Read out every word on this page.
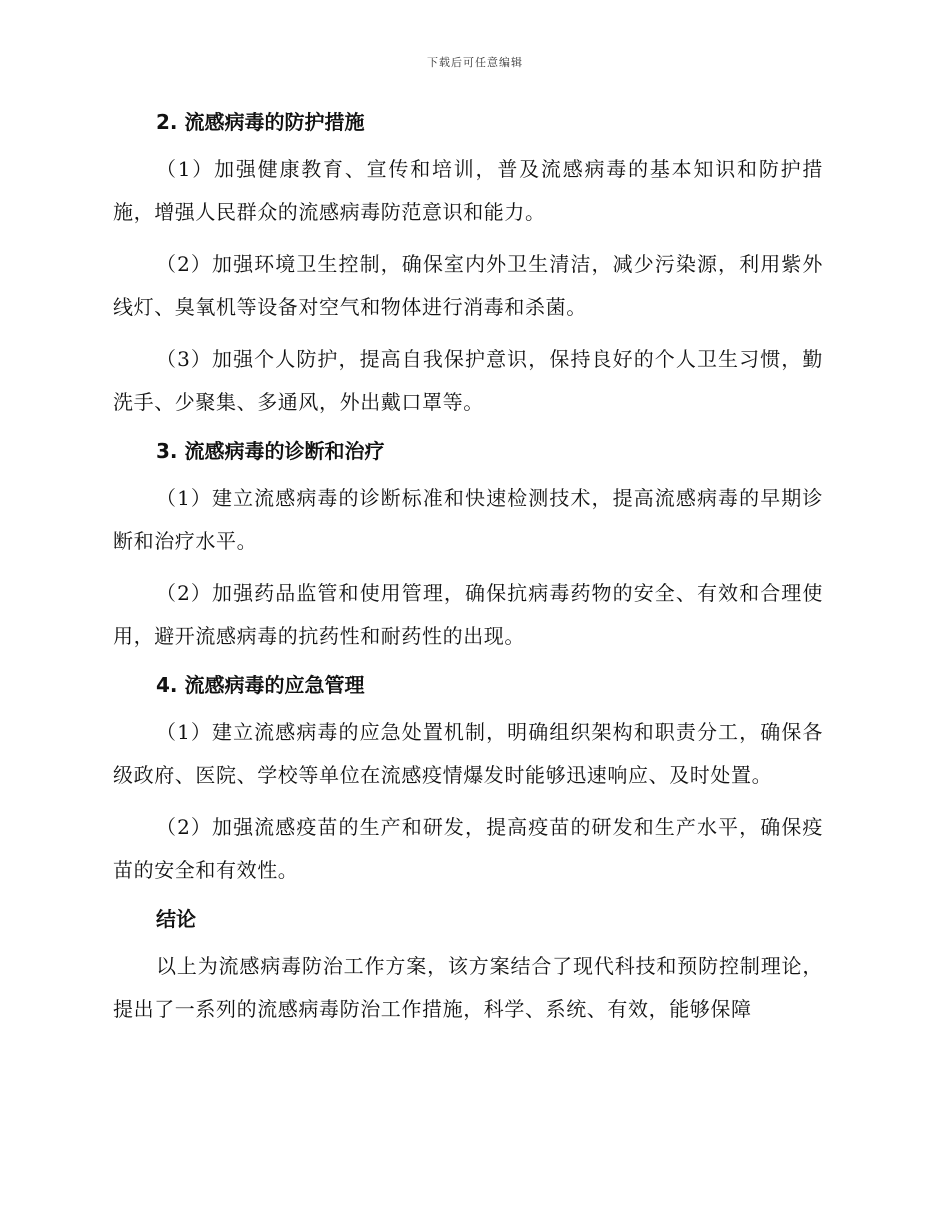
下载后可任意编辑
2. 流感病毒的防护措施

（1）加强健康教育、宣传和培训，普及流感病毒的基本知识和防护措施，增强人民群众的流感病毒防范意识和能力。

（2）加强环境卫生控制，确保室内外卫生清洁，减少污染源，利用紫外线灯、臭氧机等设备对空气和物体进行消毒和杀菌。

（3）加强个人防护，提高自我保护意识，保持良好的个人卫生习惯，勤洗手、少聚集、多通风，外出戴口罩等。

3. 流感病毒的诊断和治疗

（1）建立流感病毒的诊断标准和快速检测技术，提高流感病毒的早期诊断和治疗水平。

（2）加强药品监管和使用管理，确保抗病毒药物的安全、有效和合理使用，避开流感病毒的抗药性和耐药性的出现。

4. 流感病毒的应急管理

（1）建立流感病毒的应急处置机制，明确组织架构和职责分工，确保各级政府、医院、学校等单位在流感疫情爆发时能够迅速响应、及时处置。

（2）加强流感疫苗的生产和研发，提高疫苗的研发和生产水平，确保疫苗的安全和有效性。

结论

以上为流感病毒防治工作方案，该方案结合了现代科技和预防控制理论，提出了一系列的流感病毒防治工作措施，科学、系统、有效，能够保障
